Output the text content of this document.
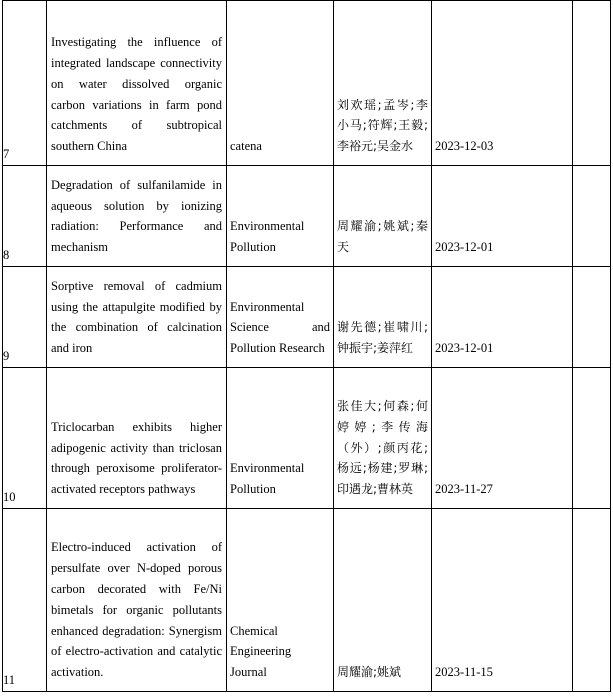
7	Investigating the influence of integrated landscape connectivity on water dissolved organic carbon variations in farm pond catchments of subtropical southern China	catena	刘欢瑶;孟岑;李小马;符辉;王毅;李裕元;吴金水	2023-12-03	

8	Degradation of sulfanilamide in aqueous solution by ionizing radiation: Performance and mechanism	Environmental Pollution	周耀渝;姚斌;秦天	2023-12-01	

9	Sorptive removal of cadmium using the attapulgite modified by the combination of calcination and iron	Environmental Science and Pollution Research	谢先德;崔啸川;钟振宇;姜萍红	2023-12-01	

10	Triclocarban exhibits higher adipogenic activity than triclosan through peroxisome proliferator-activated receptors pathways	Environmental Pollution	张佳大;何森;何婷婷;李传海（外）;颜丙花;杨远;杨建;罗琳;印遇龙;曹林英	2023-11-27	

11	Electro-induced activation of persulfate over N-doped porous carbon decorated with Fe/Ni bimetals for organic pollutants enhanced degradation: Synergism of electro-activation and catalytic activation.	Chemical Engineering Journal	周耀渝;姚斌	2023-11-15	
